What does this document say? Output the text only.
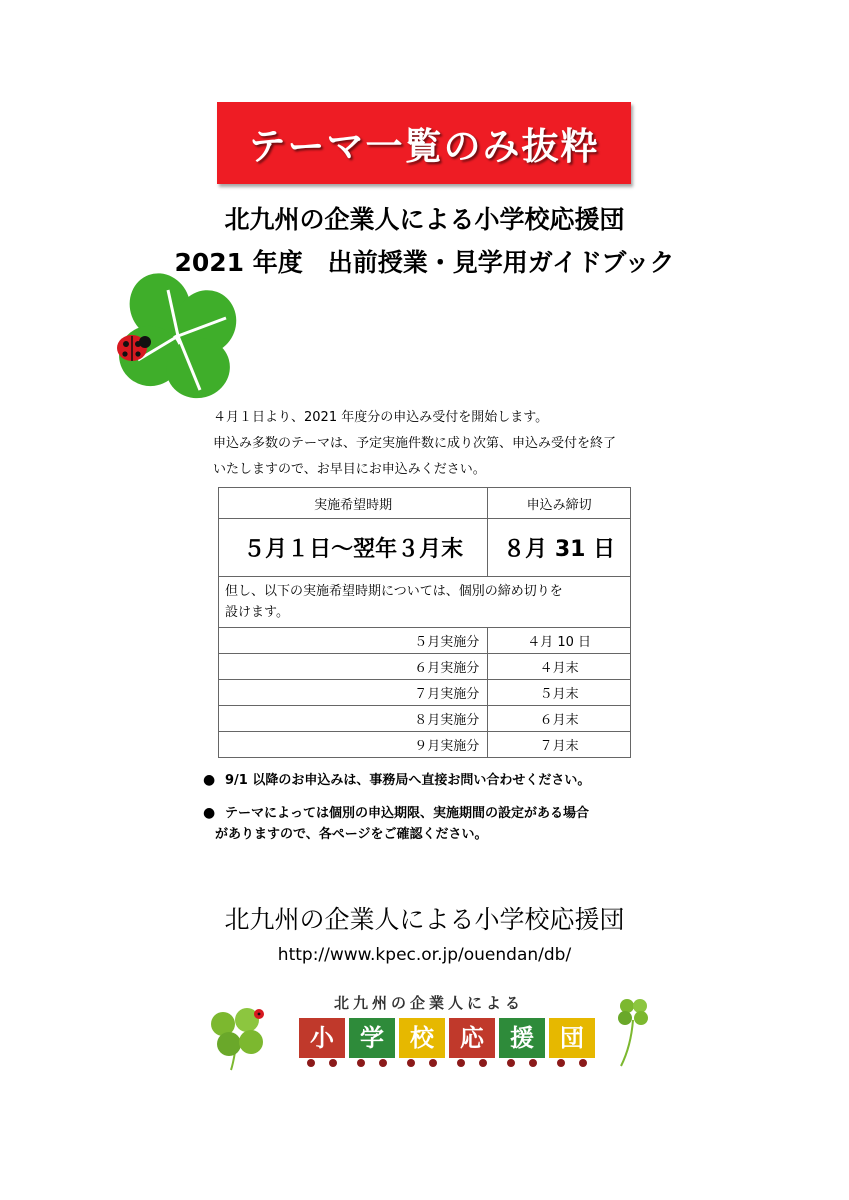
テーマ一覧のみ抜粋
北九州の企業人による小学校応援団
2021 年度　出前授業・見学用ガイドブック
４月１日より、2021 年度分の申込み受付を開始します。
申込み多数のテーマは、予定実施件数に成り次第、申込み受付を終了
いたしますので、お早目にお申込みください。
実施希望時期	申込み締切
５月１日～翌年３月末	８月 31 日

但し、以下の実施希望時期については、個別の締め切りを
設けます。	

５月実施分	４月 10 日
６月実施分	４月末
７月実施分	５月末
８月実施分	６月末
９月実施分	７月末
● 9/1 以降のお申込みは、事務局へ直接お問い合わせください。
● テーマによっては個別の申込期限、実施期間の設定がある場合
がありますので、各ページをご確認ください。
北九州の企業人による小学校応援団
http://www.kpec.or.jp/ouendan/db/
北九州の企業人による
小 学 校 応 援 団
